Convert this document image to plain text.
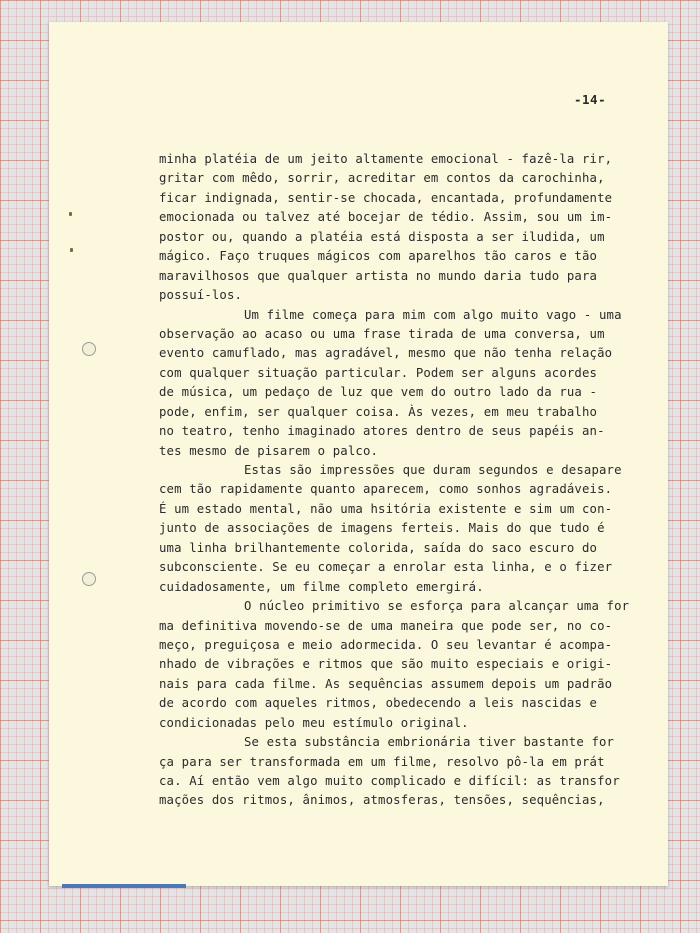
-14-
minha platéia de um jeito altamente emocional - fazê-la rir,
gritar com mêdo, sorrir, acreditar em contos da carochinha,
ficar indignada, sentir-se chocada, encantada, profundamente
emocionada ou talvez até bocejar de tédio. Assim, sou um im-
postor ou, quando a platéia está disposta a ser iludida, um
mágico. Faço truques mágicos com aparelhos tão caros e tão
maravilhosos que qualquer artista no mundo daria tudo para
possuí-los.
Um filme começa para mim com algo muito vago - uma
observação ao acaso ou uma frase tirada de uma conversa, um
evento camuflado, mas agradável, mesmo que não tenha relação
com qualquer situação particular. Podem ser alguns acordes
de música, um pedaço de luz que vem do outro lado da rua -
pode, enfim, ser qualquer coisa. Às vezes, em meu trabalho
no teatro, tenho imaginado atores dentro de seus papéis an-
tes mesmo de pisarem o palco.
Estas são impressões que duram segundos e desapare
cem tão rapidamente quanto aparecem, como sonhos agradáveis.
É um estado mental, não uma hsitória existente e sim um con-
junto de associações de imagens ferteis. Mais do que tudo é
uma linha brilhantemente colorida, saída do saco escuro do
subconsciente. Se eu começar a enrolar esta linha, e o fizer
cuidadosamente, um filme completo emergirá.
O núcleo primitivo se esforça para alcançar uma for
ma definitiva movendo-se de uma maneira que pode ser, no co-
meço, preguiçosa e meio adormecida. O seu levantar é acompa-
nhado de vibrações e ritmos que são muito especiais e origi-
nais para cada filme. As sequências assumem depois um padrão
de acordo com aqueles ritmos, obedecendo a leis nascidas e
condicionadas pelo meu estímulo original.
Se esta substância embrionária tiver bastante for
ça para ser transformada em um filme, resolvo pô-la em prát
ca. Aí então vem algo muito complicado e difícil: as transfor
mações dos ritmos, ânimos, atmosferas, tensões, sequências,
